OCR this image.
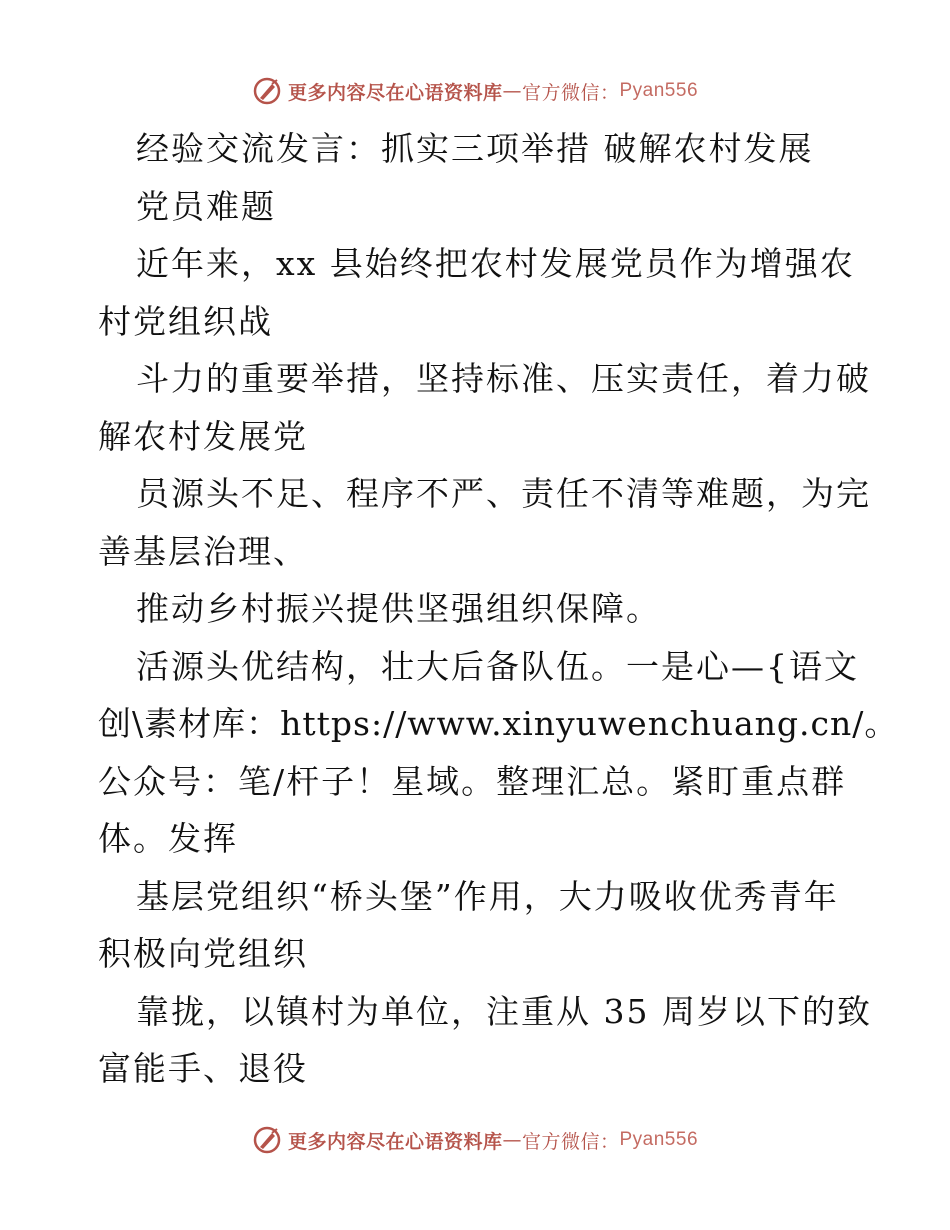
更多内容尽在心语资料库 — 官方微信： Pyan556
经验交流发言：抓实三项举措 破解农村发展
党员难题
近年来，xx 县始终把农村发展党员作为增强农
村党组织战
斗力的重要举措，坚持标准、压实责任，着力破
解农村发展党
员源头不足、程序不严、责任不清等难题，为完
善基层治理、
推动乡村振兴提供坚强组织保障。
活源头优结构，壮大后备队伍。一是心—{语文
创\素材库：https://www.xinyuwenchuang.cn/。
公众号：笔/杆子！星域。整理汇总。紧盯重点群
体。发挥
基层党组织“桥头堡”作用，大力吸收优秀青年
积极向党组织
靠拢，以镇村为单位，注重从 35 周岁以下的致
富能手、退役
更多内容尽在心语资料库 — 官方微信： Pyan556
